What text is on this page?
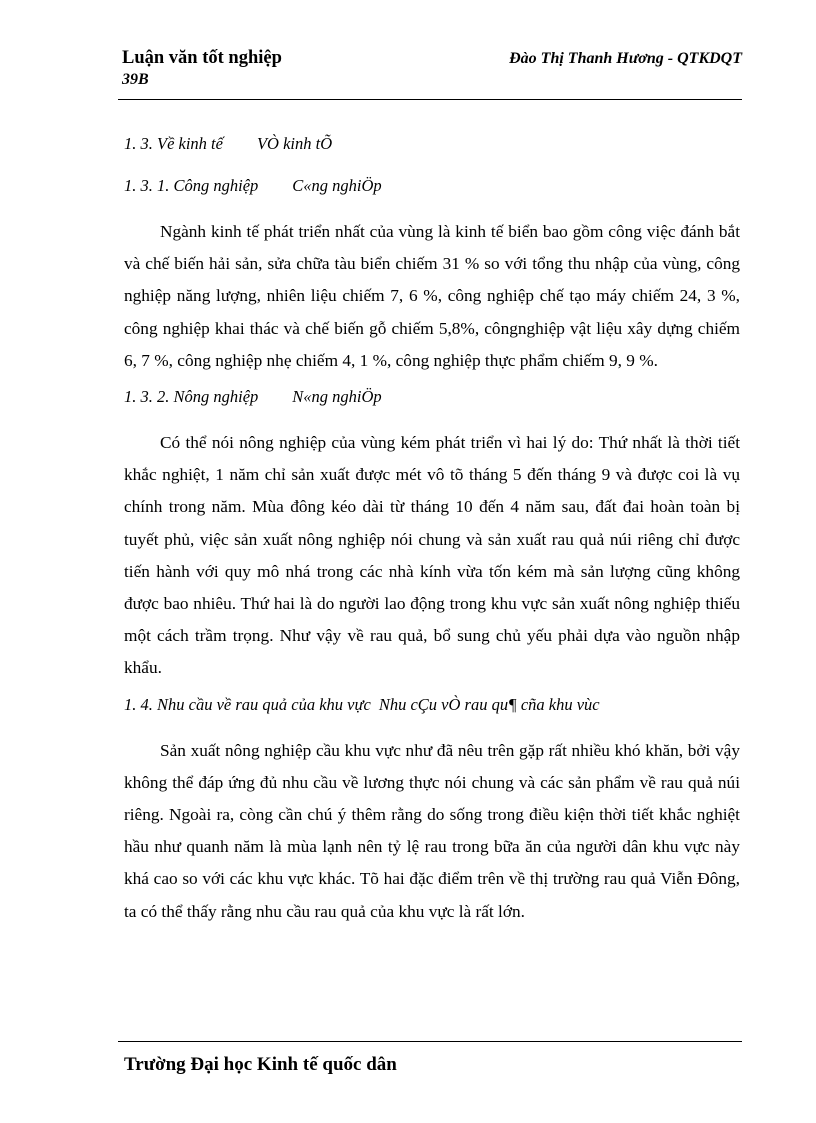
Luận văn tốt nghiệp
39B
Đào Thị Thanh Hương - QTKDQT

1. 3. Về kinh tế VÒ kinh tÕ

1. 3. 1. Công nghiệp C«ng nghiÖp

Ngành kinh tế phát triển nhất của vùng là kinh tế biển bao gồm công việc đánh bắt và chế biến hải sản, sửa chữa tàu biển chiếm 31 % so với tổng thu nhập của vùng, công nghiệp năng lượng, nhiên liệu chiếm 7, 6 %, công nghiệp chế tạo máy chiếm 24, 3 %, công nghiệp khai thác và chế biến gỗ chiếm 5,8%, côngnghiệp vật liệu xây dựng chiếm 6, 7 %, công nghiệp nhẹ chiếm 4, 1 %, công nghiệp thực phẩm chiếm 9, 9 %.

1. 3. 2. Nông nghiệp N«ng nghiÖp

Có thể nói nông nghiệp của vùng kém phát triển vì hai lý do: Thứ nhất là thời tiết khắc nghiệt, 1 năm chỉ sản xuất được mét vô tõ tháng 5 đến tháng 9 và được coi là vụ chính trong năm. Mùa đông kéo dài từ tháng 10 đến 4 năm sau, đất đai hoàn toàn bị tuyết phủ, việc sản xuất nông nghiệp nói chung và sản xuất rau quả núi riêng chỉ được tiến hành với quy mô nhá trong các nhà kính vừa tốn kém mà sản lượng cũng không được bao nhiêu. Thứ hai là do người lao động trong khu vực sản xuất nông nghiệp thiếu một cách trầm trọng. Như vậy về rau quả, bổ sung chủ yếu phải dựa vào nguồn nhập khẩu.

1. 4. Nhu cầu về rau quả của khu vực Nhu cÇu vÒ rau qu¶ cña khu vùc

Sản xuất nông nghiệp cầu khu vực như đã nêu trên gặp rất nhiều khó khăn, bởi vậy không thể đáp ứng đủ nhu cầu về lương thực nói chung và các sản phẩm về rau quả núi riêng. Ngoài ra, còng cần chú ý thêm rằng do sống trong điều kiện thời tiết khắc nghiệt hầu như quanh năm là mùa lạnh nên tỷ lệ rau trong bữa ăn của người dân khu vực này khá cao so với các khu vực khác. Tõ hai đặc điểm trên về thị trường rau quả Viễn Đông, ta có thể thấy rằng nhu cầu rau quả của khu vực là rất lớn.

Trường Đại học Kinh tế quốc dân
